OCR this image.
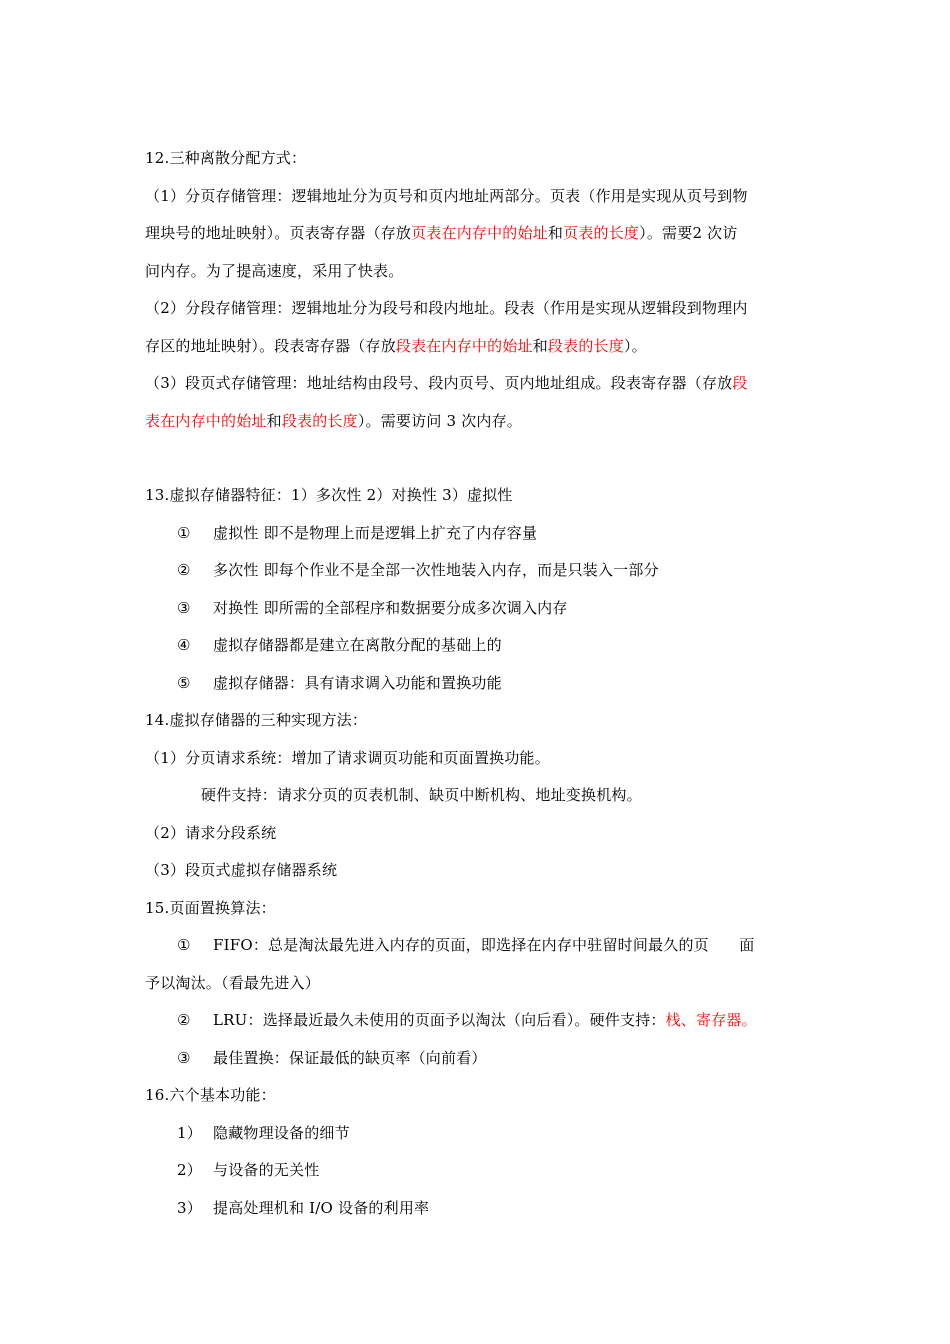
12.三种离散分配方式：
（1）分页存储管理：逻辑地址分为页号和页内地址两部分。页表（作用是实现从页号到物
理块号的地址映射）。页表寄存器（存放页表在内存中的始址和页表的长度）。需要2 次访
问内存。为了提高速度，采用了快表。
（2）分段存储管理：逻辑地址分为段号和段内地址。段表（作用是实现从逻辑段到物理内
存区的地址映射）。段表寄存器（存放段表在内存中的始址和段表的长度）。
（3）段页式存储管理：地址结构由段号、段内页号、页内地址组成。段表寄存器（存放段
表在内存中的始址和段表的长度）。需要访问 3 次内存。
13.虚拟存储器特征：1）多次性 2）对换性 3）虚拟性
① 虚拟性 即不是物理上而是逻辑上扩充了内存容量
② 多次性 即每个作业不是全部一次性地装入内存，而是只装入一部分
③ 对换性 即所需的全部程序和数据要分成多次调入内存
④ 虚拟存储器都是建立在离散分配的基础上的
⑤ 虚拟存储器：具有请求调入功能和置换功能
14.虚拟存储器的三种实现方法：
（1）分页请求系统：增加了请求调页功能和页面置换功能。
硬件支持：请求分页的页表机制、缺页中断机构、地址变换机构。
（2）请求分段系统
（3）段页式虚拟存储器系统
15.页面置换算法：
① FIFO：总是淘汰最先进入内存的页面，即选择在内存中驻留时间最久的页　　 面
予以淘汰。（看最先进入）
② LRU：选择最近最久未使用的页面予以淘汰（向后看）。硬件支持：栈、寄存器。
③ 最佳置换：保证最低的缺页率（向前看）
16.六个基本功能：
1） 隐藏物理设备的细节
2） 与设备的无关性
3） 提高处理机和 I/O 设备的利用率
